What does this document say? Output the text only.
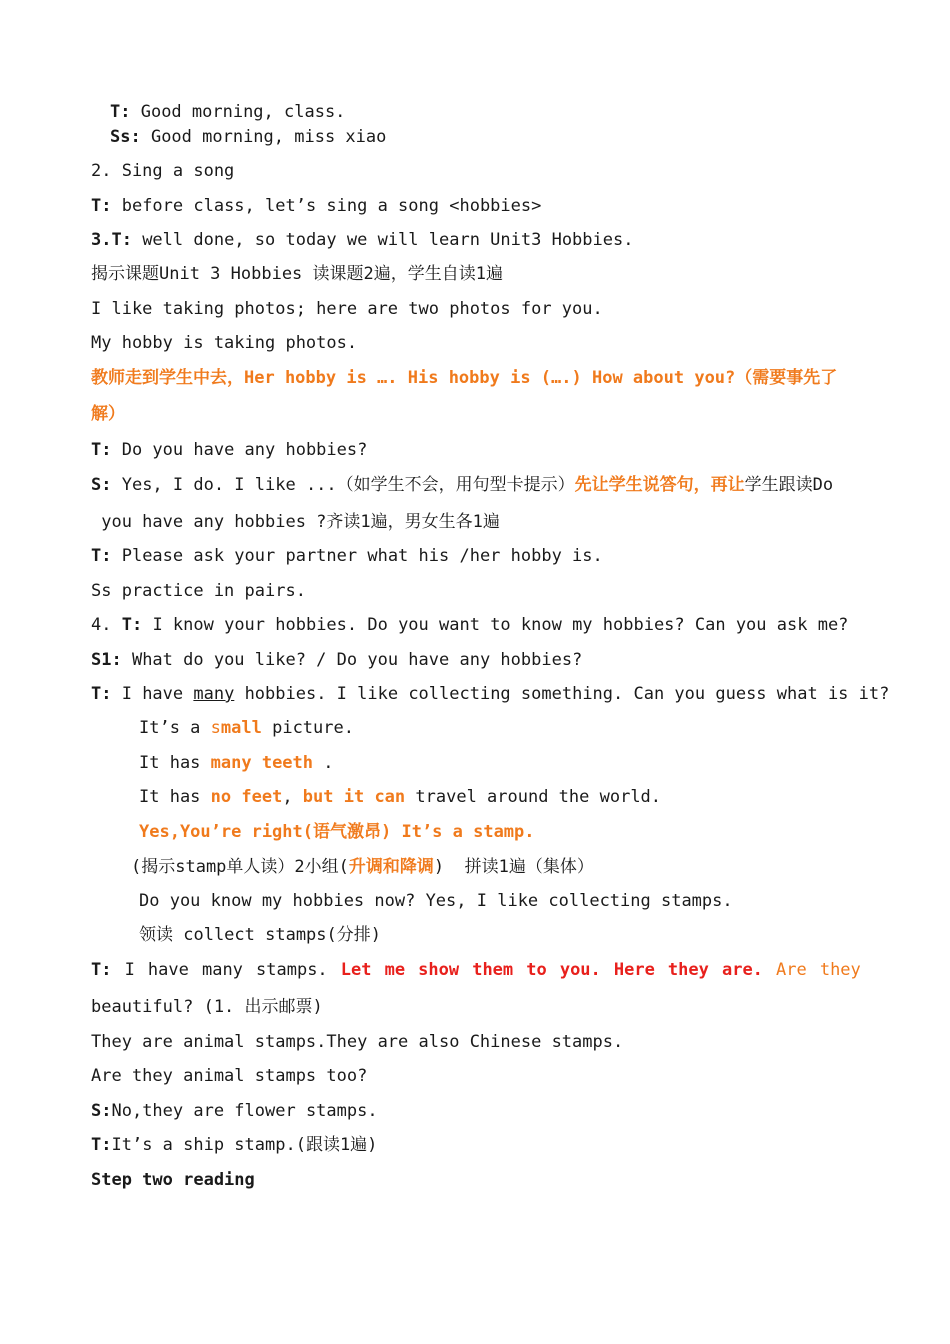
T: Good morning, class.
Ss: Good morning, miss xiao
2. Sing a song
T: before class, let’s sing a song <hobbies>
3.T: well done, so today we will learn Unit3 Hobbies.
揭示课题Unit 3 Hobbies 读课题2遍，学生自读1遍
I like taking photos; here are two photos for you.
My hobby is taking photos.
教师走到学生中去，Her hobby is …. His hobby is (….) How about you?（需要事先了
解）
T: Do you have any hobbies?
S: Yes, I do. I like ...（如学生不会，用句型卡提示）先让学生说答句，再让学生跟读Do
you have any hobbies ?齐读1遍，男女生各1遍
T: Please ask your partner what his /her hobby is.
Ss practice in pairs.
4. T: I know your hobbies. Do you want to know my hobbies? Can you ask me?
S1: What do you like? / Do you have any hobbies?
T: I have many hobbies. I like collecting something. Can you guess what is it?
It’s a small picture.
It has many teeth .
It has no feet, but it can travel around the world.
Yes,You’re right(语气激昂) It’s a stamp.
(揭示stamp单人读）2小组(升调和降调)  拼读1遍（集体）
Do you know my hobbies now? Yes, I like collecting stamps.
领读 collect stamps(分排)
T: I have many stamps. Let me show them to you. Here they are. Are they
beautiful? (1. 出示邮票)
They are animal stamps.They are also Chinese stamps.
Are they animal stamps too?
S:No,they are flower stamps.
T:It’s a ship stamp.(跟读1遍)
Step two reading
